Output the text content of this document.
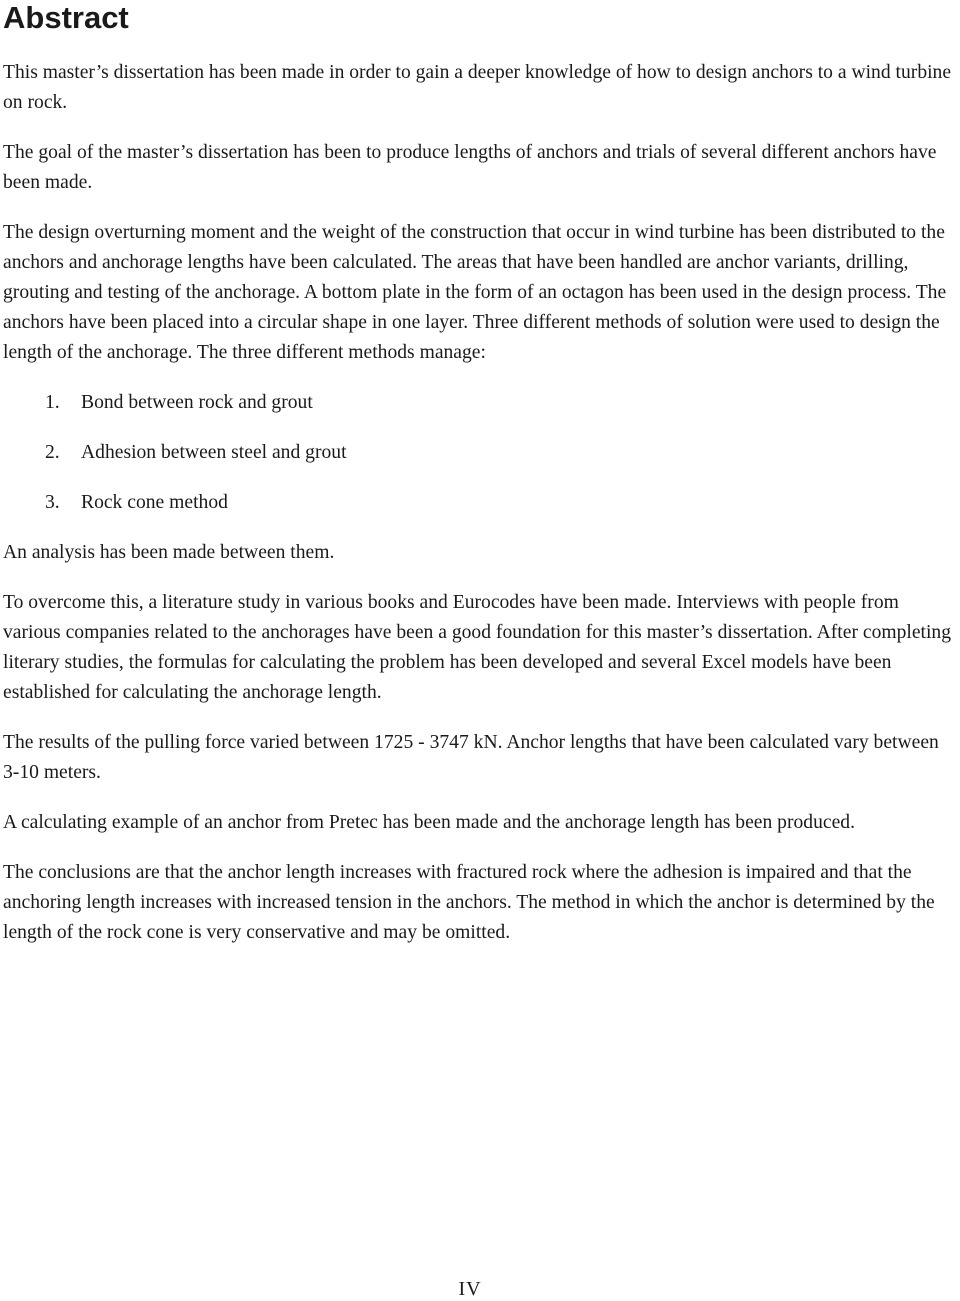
Abstract

This master’s dissertation has been made in order to gain a deeper knowledge of how to design anchors to a wind turbine on rock.

The goal of the master’s dissertation has been to produce lengths of anchors and trials of several different anchors have been made.

The design overturning moment and the weight of the construction that occur in wind turbine has been distributed to the anchors and anchorage lengths have been calculated. The areas that have been handled are anchor variants, drilling, grouting and testing of the anchorage. A bottom plate in the form of an octagon has been used in the design process. The anchors have been placed into a circular shape in one layer. Three different methods of solution were used to design the length of the anchorage. The three different methods manage:

1.	Bond between rock and grout
2.	Adhesion between steel and grout
3.	Rock cone method

An analysis has been made between them.

To overcome this, a literature study in various books and Eurocodes have been made. Interviews with people from various companies related to the anchorages have been a good foundation for this master’s dissertation. After completing literary studies, the formulas for calculating the problem has been developed and several Excel models have been established for calculating the anchorage length.

The results of the pulling force varied between 1725 - 3747 kN. Anchor lengths that have been calculated vary between 3-10 meters.

A calculating example of an anchor from Pretec has been made and the anchorage length has been produced.

The conclusions are that the anchor length increases with fractured rock where the adhesion is impaired and that the anchoring length increases with increased tension in the anchors. The method in which the anchor is determined by the length of the rock cone is very conservative and may be omitted.

IV
